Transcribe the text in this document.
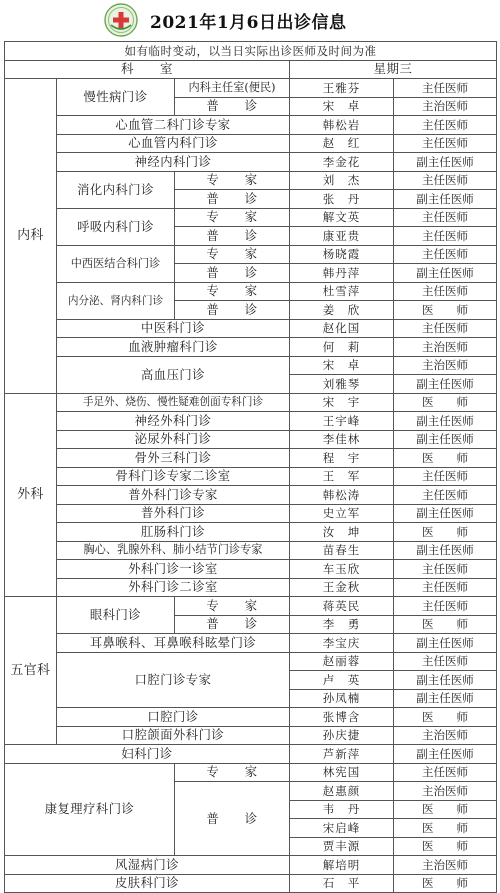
2021年1月6日出诊信息
如有临时变动，以当日实际出诊医师及时间为准				
科　　室			星期三	
内科	慢性病门诊	内科主任室(便民)	王雅芬	主任医师
		普　　诊	宋　卓	主治医师
	心血管二科门诊专家		韩松岩	主任医师
	心血管内科门诊		赵　红	主任医师
	神经内科门诊		李金花	副主任医师
	消化内科门诊	专　　家	刘　杰	主任医师
		普　　诊	张　丹	副主任医师
	呼吸内科门诊	专　　家	解文英	主任医师
		普　　诊	康亚贵	主任医师
	中西医结合科门诊	专　　家	杨晓霞	主任医师
		普　　诊	韩丹萍	副主任医师
	内分泌、肾内科门诊	专　　家	杜雪萍	主任医师
		普　　诊	姜　欣	医　　师
	中医科门诊		赵化国	主任医师
	血液肿瘤科门诊		何　莉	主治医师
	高血压门诊		宋　卓	主治医师
			刘雅琴	副主任医师
外科	手足外、烧伤、慢性疑难创面专科门诊		宋　宇	医　　师
	神经外科门诊		王宇峰	副主任医师
	泌尿外科门诊		李佳林	副主任医师
	骨外三科门诊		程　宇	医　　师
	骨科门诊专家二诊室		王　军	主任医师
	普外科门诊专家		韩松涛	主任医师
	普外科门诊		史立军	副主任医师
	肛肠科门诊		汝　坤	医　　师
	胸心、乳腺外科、肺小结节门诊专家		苗春生	副主任医师
	外科门诊一诊室		车玉欣	主任医师
	外科门诊二诊室		王金秋	主任医师
五官科	眼科门诊	专　　家	蒋英民	主任医师
		普　　诊	李　勇	医　　师
	耳鼻喉科、耳鼻喉科眩晕门诊		李宝庆	副主任医师
	口腔门诊专家		赵丽蓉	主任医师
			卢　英	副主任医师
			孙凤楠	副主任医师
	口腔门诊		张博含	医　　师
	口腔颌面外科门诊		孙庆捷	主治医师
妇科门诊			芦新萍	副主任医师
康复理疗科门诊		专　　家	林宪国	主任医师
		普　　诊	赵惠颜	主治医师
			韦　丹	医　　师
			宋启峰	医　　师
			贾丰源	医　　师
风湿病门诊			解培明	主治医师
皮肤科门诊			石　平	医　　师
